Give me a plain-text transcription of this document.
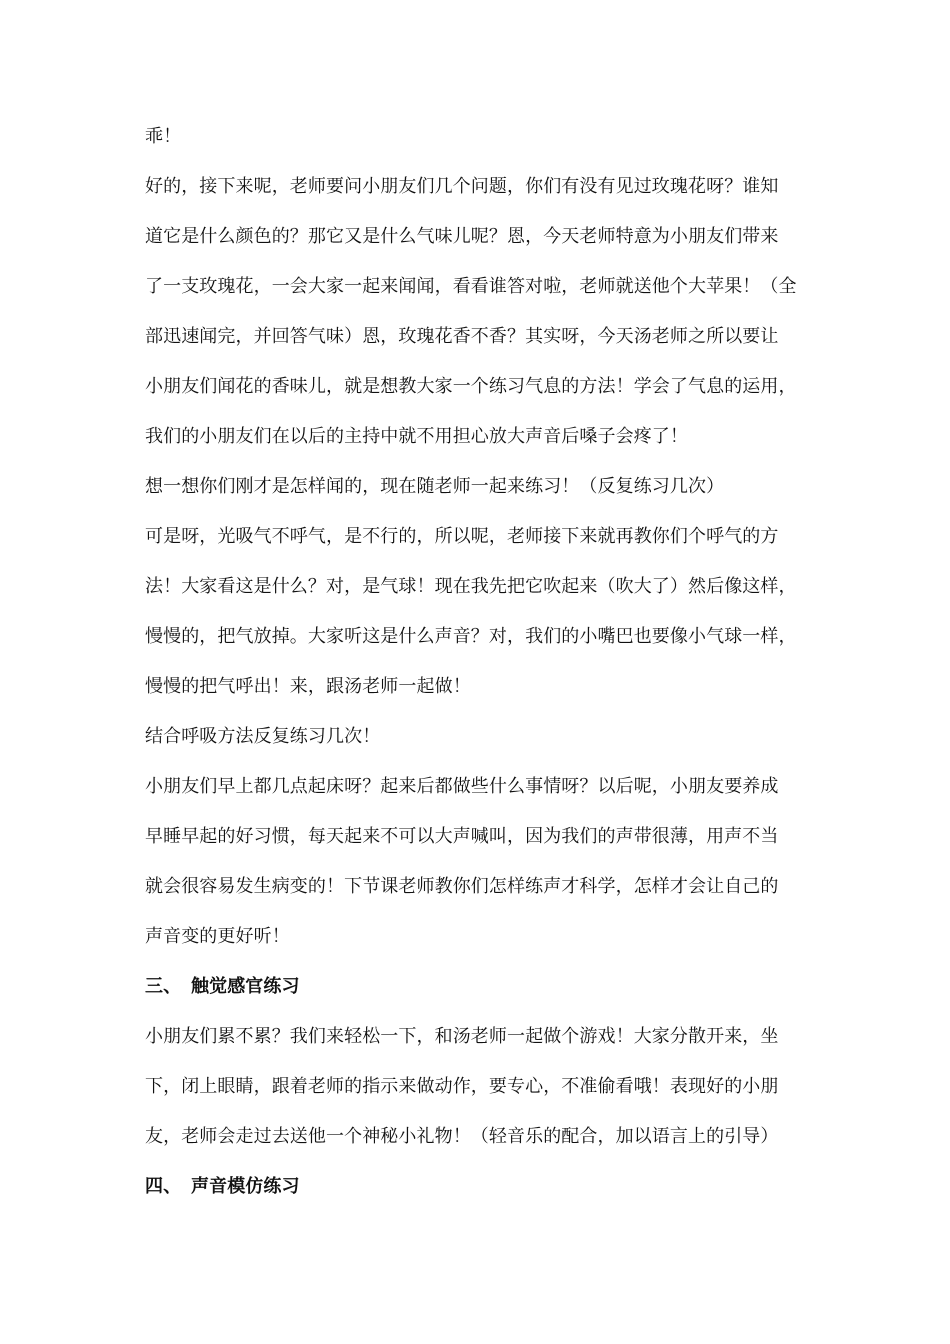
乖！
好的，接下来呢，老师要问小朋友们几个问题，你们有没有见过玫瑰花呀？谁知
道它是什么颜色的？那它又是什么气味儿呢？恩，今天老师特意为小朋友们带来
了一支玫瑰花，一会大家一起来闻闻，看看谁答对啦，老师就送他个大苹果！（全
部迅速闻完，并回答气味）恩，玫瑰花香不香？其实呀，今天汤老师之所以要让
小朋友们闻花的香味儿，就是想教大家一个练习气息的方法！学会了气息的运用，
我们的小朋友们在以后的主持中就不用担心放大声音后嗓子会疼了！
想一想你们刚才是怎样闻的，现在随老师一起来练习！（反复练习几次）
可是呀，光吸气不呼气，是不行的，所以呢，老师接下来就再教你们个呼气的方
法！大家看这是什么？对，是气球！现在我先把它吹起来（吹大了）然后像这样，
慢慢的，把气放掉。大家听这是什么声音？对，我们的小嘴巴也要像小气球一样，
慢慢的把气呼出！来，跟汤老师一起做！
结合呼吸方法反复练习几次！
小朋友们早上都几点起床呀？起来后都做些什么事情呀？以后呢，小朋友要养成
早睡早起的好习惯，每天起来不可以大声喊叫，因为我们的声带很薄，用声不当
就会很容易发生病变的！下节课老师教你们怎样练声才科学，怎样才会让自己的
声音变的更好听！
三、 触觉感官练习
小朋友们累不累？我们来轻松一下，和汤老师一起做个游戏！大家分散开来，坐
下，闭上眼睛，跟着老师的指示来做动作，要专心，不准偷看哦！表现好的小朋
友，老师会走过去送他一个神秘小礼物！（轻音乐的配合，加以语言上的引导）
四、 声音模仿练习
